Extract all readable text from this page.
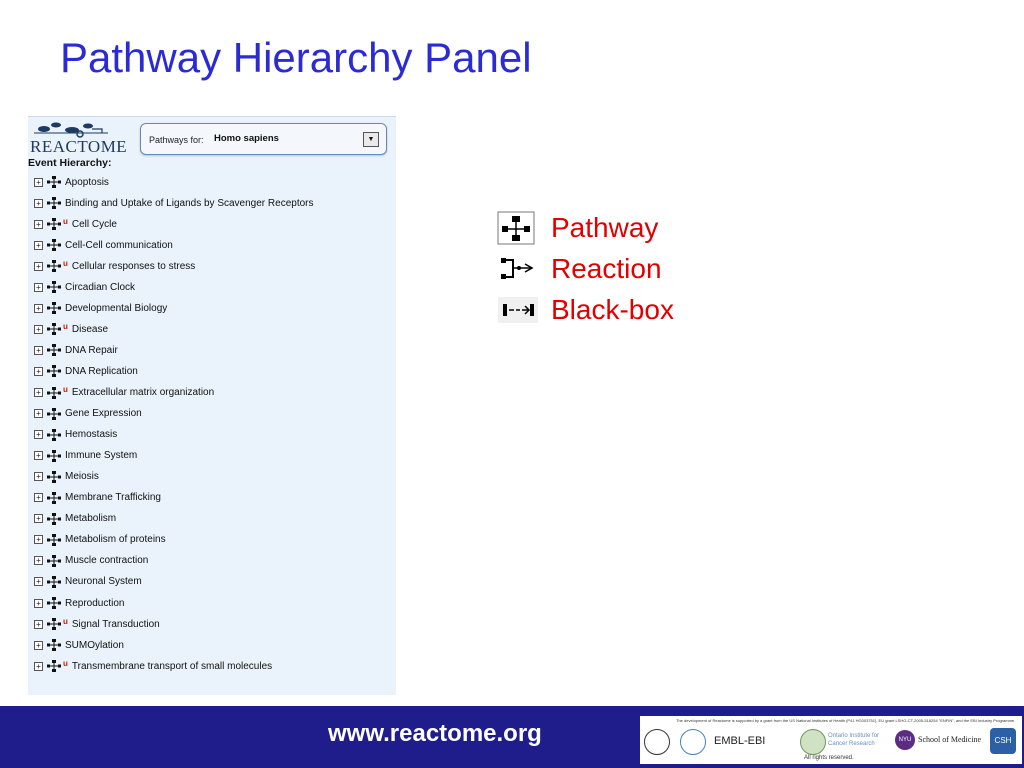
Pathway Hierarchy Panel
REACTOME Pathways for: Homo sapiens	▼
Event Hierarchy:
+ Apoptosis
+ Binding and Uptake of Ligands by Scavenger Receptors
+	u Cell Cycle
+ Cell-Cell communication
+	u Cellular responses to stress
+ Circadian Clock
+ Developmental Biology
+	u Disease
+ DNA Repair
+ DNA Replication
+	u Extracellular matrix organization
+ Gene Expression
+ Hemostasis
+ Immune System
+ Meiosis
+ Membrane Trafficking
+ Metabolism
+ Metabolism of proteins
+ Muscle contraction
+ Neuronal System
+ Reproduction
+	u Signal Transduction
+ SUMOylation
+	u Transmembrane transport of small molecules
Pathway
Reaction
Black-box
www.reactome.org	The development of Reactome is supported by a grant from the US National Institutes of Health (P41 HG003751), EU grant LSHG-CT-2005-518254 "ENFIN", and the EBI Industry Programme.
EMBL-EBI	Ontario Institute for Cancer Research
NYU School of Medicine	CSH
All rights reserved.
